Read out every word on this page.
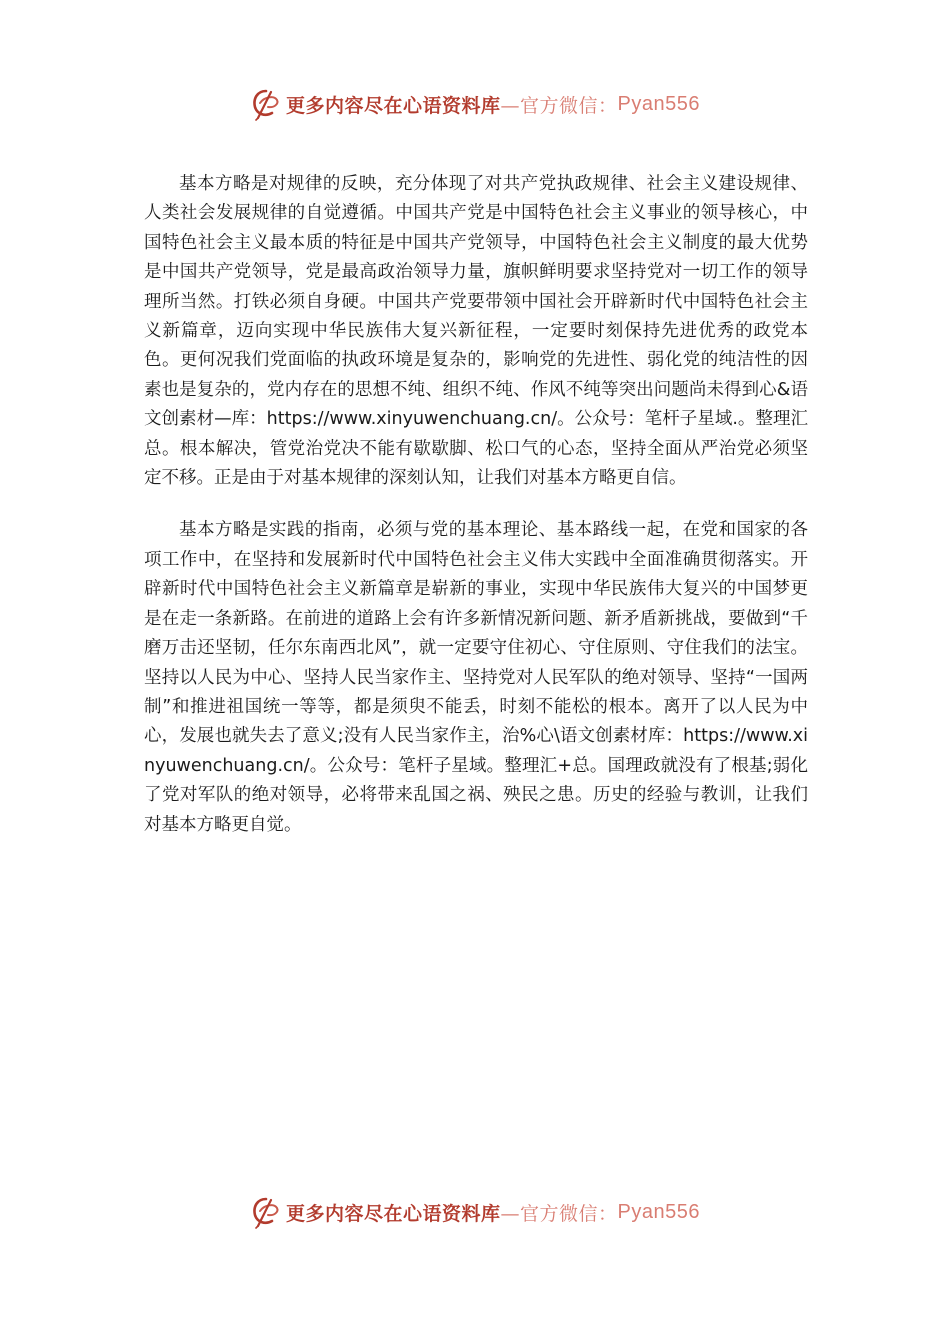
更多内容尽在心语资料库 —官方微信： Pyan556

基本方略是对规律的反映，充分体现了对共产党执政规律、社会主义建设规律、人类社会发展规律的自觉遵循。中国共产党是中国特色社会主义事业的领导核心，中国特色社会主义最本质的特征是中国共产党领导，中国特色社会主义制度的最大优势是中国共产党领导，党是最高政治领导力量，旗帜鲜明要求坚持党对一切工作的领导理所当然。打铁必须自身硬。中国共产党要带领中国社会开辟新时代中国特色社会主义新篇章，迈向实现中华民族伟大复兴新征程，一定要时刻保持先进优秀的政党本色。更何况我们党面临的执政环境是复杂的，影响党的先进性、弱化党的纯洁性的因素也是复杂的，党内存在的思想不纯、组织不纯、作风不纯等突出问题尚未得到心&语文创素材—库：https://www.xinyuwenchuang.cn/。公众号：笔杆子星域.。整理汇总。根本解决，管党治党决不能有歇歇脚、松口气的心态，坚持全面从严治党必须坚定不移。正是由于对基本规律的深刻认知，让我们对基本方略更自信。

基本方略是实践的指南，必须与党的基本理论、基本路线一起，在党和国家的各项工作中，在坚持和发展新时代中国特色社会主义伟大实践中全面准确贯彻落实。开辟新时代中国特色社会主义新篇章是崭新的事业，实现中华民族伟大复兴的中国梦更是在走一条新路。在前进的道路上会有许多新情况新问题、新矛盾新挑战，要做到“千磨万击还坚韧，任尔东南西北风”，就一定要守住初心、守住原则、守住我们的法宝。坚持以人民为中心、坚持人民当家作主、坚持党对人民军队的绝对领导、坚持“一国两制”和推进祖国统一等等，都是须臾不能丢，时刻不能松的根本。离开了以人民为中心，发展也就失去了意义;没有人民当家作主，治%心\语文创素材库：https://www.xinyuwenchuang.cn/。公众号：笔杆子星域。整理汇+总。国理政就没有了根基;弱化了党对军队的绝对领导，必将带来乱国之祸、殃民之患。历史的经验与教训，让我们对基本方略更自觉。

更多内容尽在心语资料库 —官方微信： Pyan556
